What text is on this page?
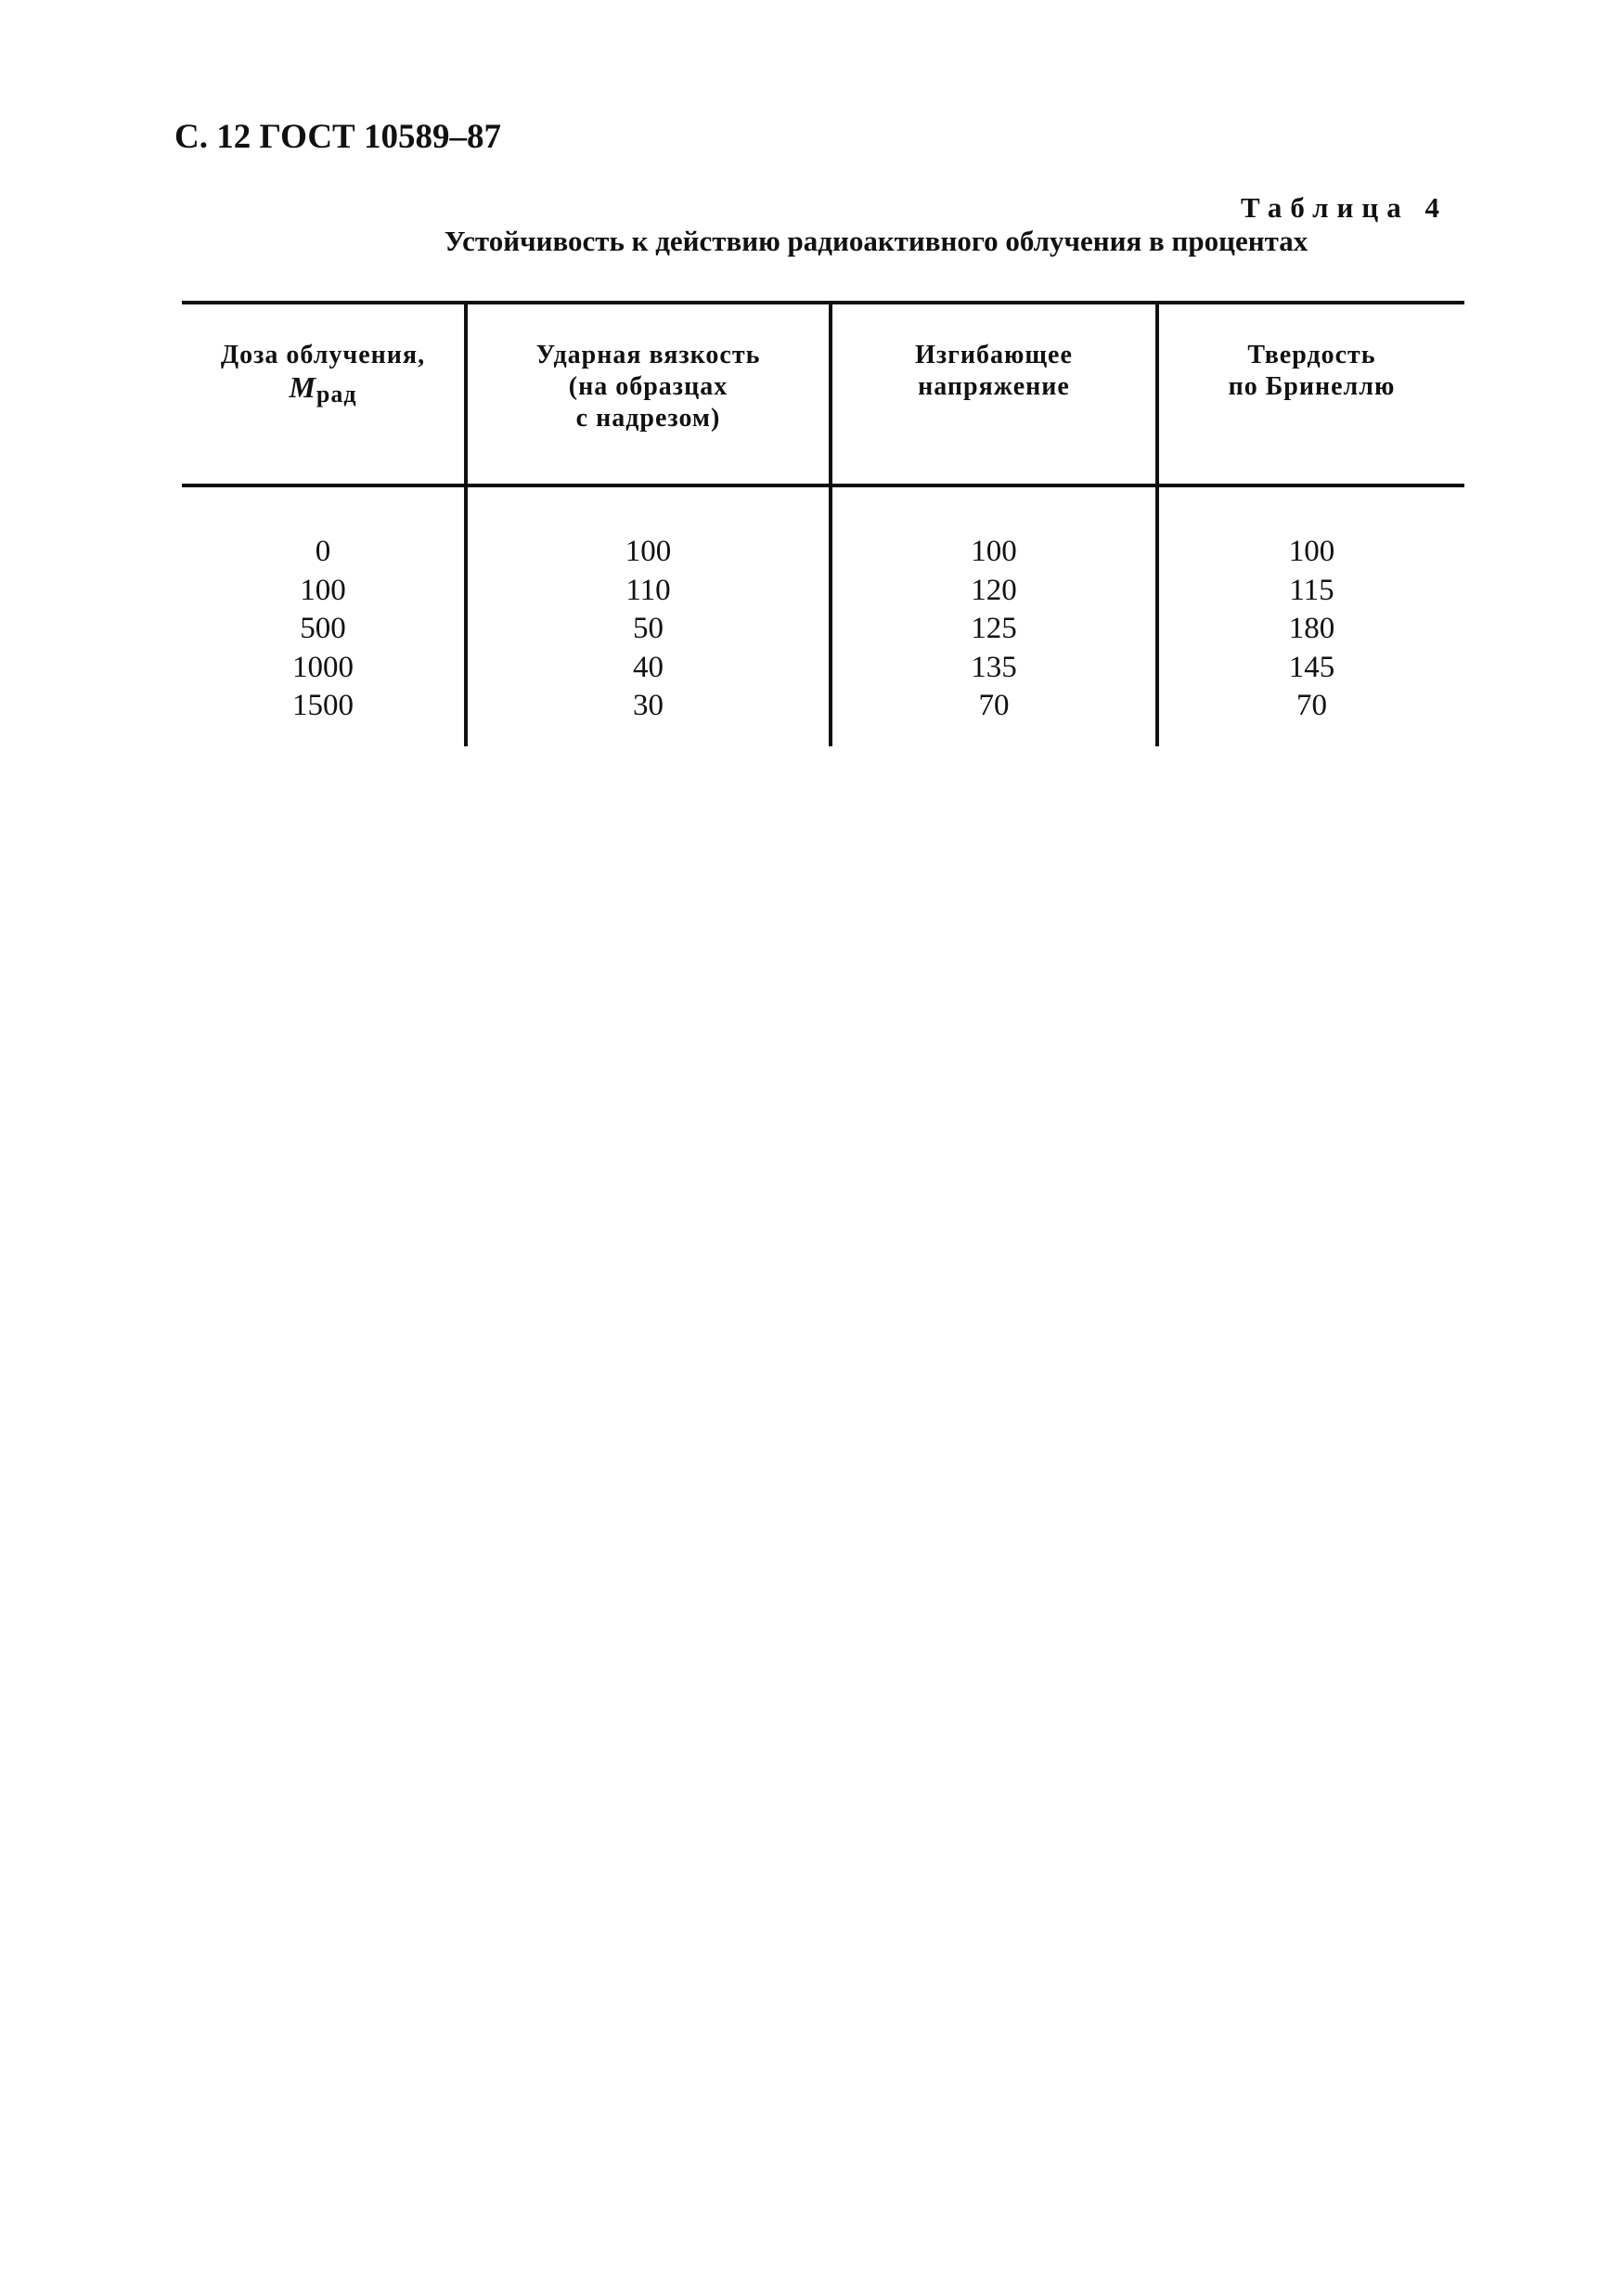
С. 12 ГОСТ 10589–87
Таблица 4
Устойчивость к действию радиоактивного облучения в процентах
Доза облучения,
Мрад
Ударная вязкость
(на образцах
с надрезом)
Изгибающее
напряжение
Твердость
по Бринеллю
0
100
500
1000
1500
100
110
50
40
30
100
120
125
135
70
100
115
180
145
70
